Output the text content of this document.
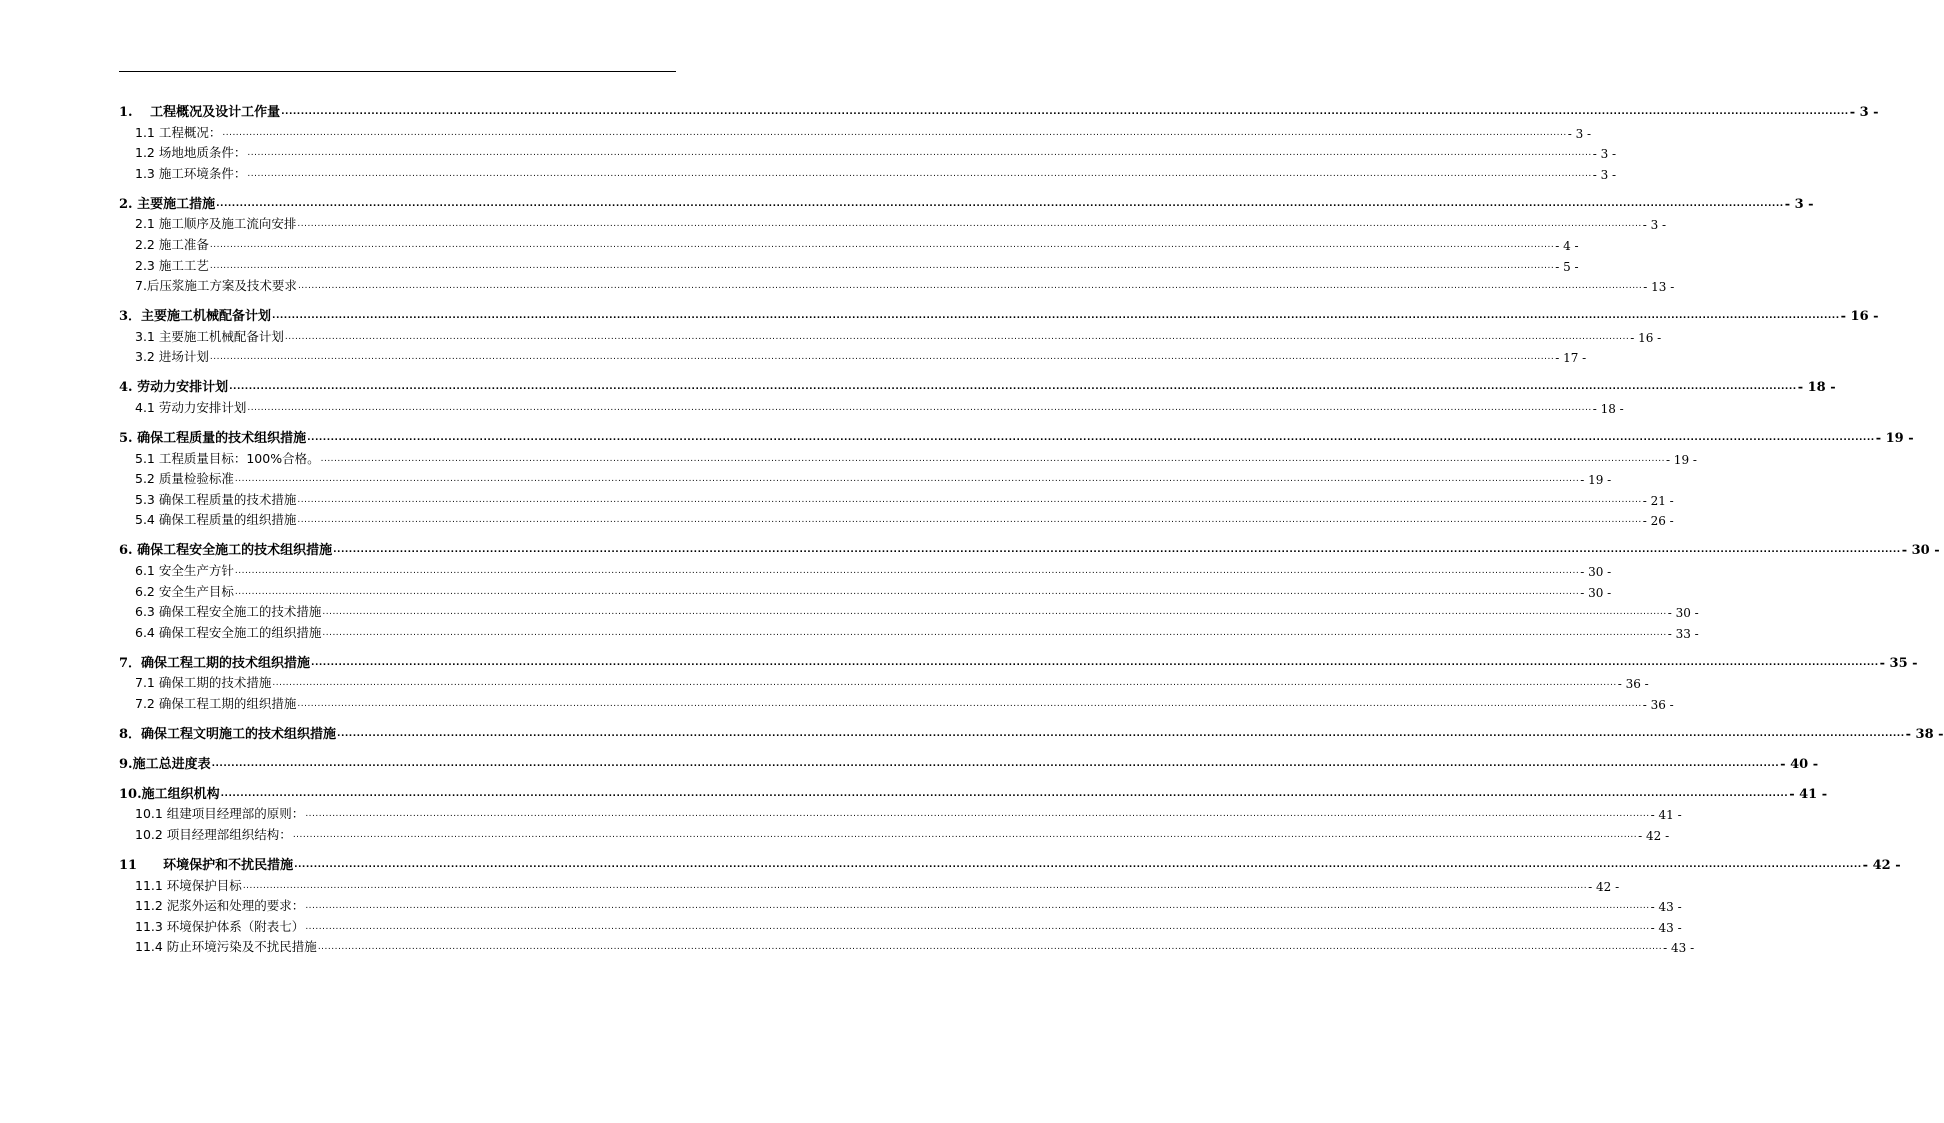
1.　 工程概况及设计工作量 ................................................................................................................................................................................................................................................................................................................................................................................................................ - 3 -
1.1 工程概况： ................................................................................................................................................................................................................................................................................................................................................................................................................ - 3 -
1.2 场地地质条件： ................................................................................................................................................................................................................................................................................................................................................................................................................ - 3 -
1.3 施工环境条件： ................................................................................................................................................................................................................................................................................................................................................................................................................ - 3 -
2. 主要施工措施 ................................................................................................................................................................................................................................................................................................................................................................................................................ - 3 -
2.1 施工顺序及施工流向安排 ................................................................................................................................................................................................................................................................................................................................................................................................................ - 3 -
2.2 施工准备 ................................................................................................................................................................................................................................................................................................................................................................................................................ - 4 -
2.3 施工工艺 ................................................................................................................................................................................................................................................................................................................................................................................................................ - 5 -
7.后压浆施工方案及技术要求 ................................................................................................................................................................................................................................................................................................................................................................................................................ - 13 -
3．主要施工机械配备计划 ................................................................................................................................................................................................................................................................................................................................................................................................................ - 16 -
3.1 主要施工机械配备计划 ................................................................................................................................................................................................................................................................................................................................................................................................................ - 16 -
3.2 进场计划 ................................................................................................................................................................................................................................................................................................................................................................................................................ - 17 -
4. 劳动力安排计划 ................................................................................................................................................................................................................................................................................................................................................................................................................ - 18 -
4.1 劳动力安排计划 ................................................................................................................................................................................................................................................................................................................................................................................................................ - 18 -
5. 确保工程质量的技术组织措施 ................................................................................................................................................................................................................................................................................................................................................................................................................ - 19 -
5.1 工程质量目标：100%合格。 ................................................................................................................................................................................................................................................................................................................................................................................................................ - 19 -
5.2 质量检验标准 ................................................................................................................................................................................................................................................................................................................................................................................................................ - 19 -
5.3 确保工程质量的技术措施 ................................................................................................................................................................................................................................................................................................................................................................................................................ - 21 -
5.4 确保工程质量的组织措施 ................................................................................................................................................................................................................................................................................................................................................................................................................ - 26 -
6. 确保工程安全施工的技术组织措施 ................................................................................................................................................................................................................................................................................................................................................................................................................ - 30 -
6.1 安全生产方针 ................................................................................................................................................................................................................................................................................................................................................................................................................ - 30 -
6.2 安全生产目标 ................................................................................................................................................................................................................................................................................................................................................................................................................ - 30 -
6.3 确保工程安全施工的技术措施 ................................................................................................................................................................................................................................................................................................................................................................................................................ - 30 -
6.4 确保工程安全施工的组织措施 ................................................................................................................................................................................................................................................................................................................................................................................................................ - 33 -
7．确保工程工期的技术组织措施 ................................................................................................................................................................................................................................................................................................................................................................................................................ - 35 -
7.1 确保工期的技术措施 ................................................................................................................................................................................................................................................................................................................................................................................................................ - 36 -
7.2 确保工程工期的组织措施 ................................................................................................................................................................................................................................................................................................................................................................................................................ - 36 -
8．确保工程文明施工的技术组织措施 ................................................................................................................................................................................................................................................................................................................................................................................................................ - 38 -
9.施工总进度表 ................................................................................................................................................................................................................................................................................................................................................................................................................ - 40 -
10.施工组织机构 ................................................................................................................................................................................................................................................................................................................................................................................................................ - 41 -
10.1 组建项目经理部的原则： ................................................................................................................................................................................................................................................................................................................................................................................................................ - 41 -
10.2 项目经理部组织结构： ................................................................................................................................................................................................................................................................................................................................................................................................................ - 42 -
11　　环境保护和不扰民措施 ................................................................................................................................................................................................................................................................................................................................................................................................................ - 42 -
11.1 环境保护目标 ................................................................................................................................................................................................................................................................................................................................................................................................................ - 42 -
11.2 泥浆外运和处理的要求： ................................................................................................................................................................................................................................................................................................................................................................................................................ - 43 -
11.3 环境保护体系（附表七） ................................................................................................................................................................................................................................................................................................................................................................................................................ - 43 -
11.4 防止环境污染及不扰民措施 ................................................................................................................................................................................................................................................................................................................................................................................................................ - 43 -
